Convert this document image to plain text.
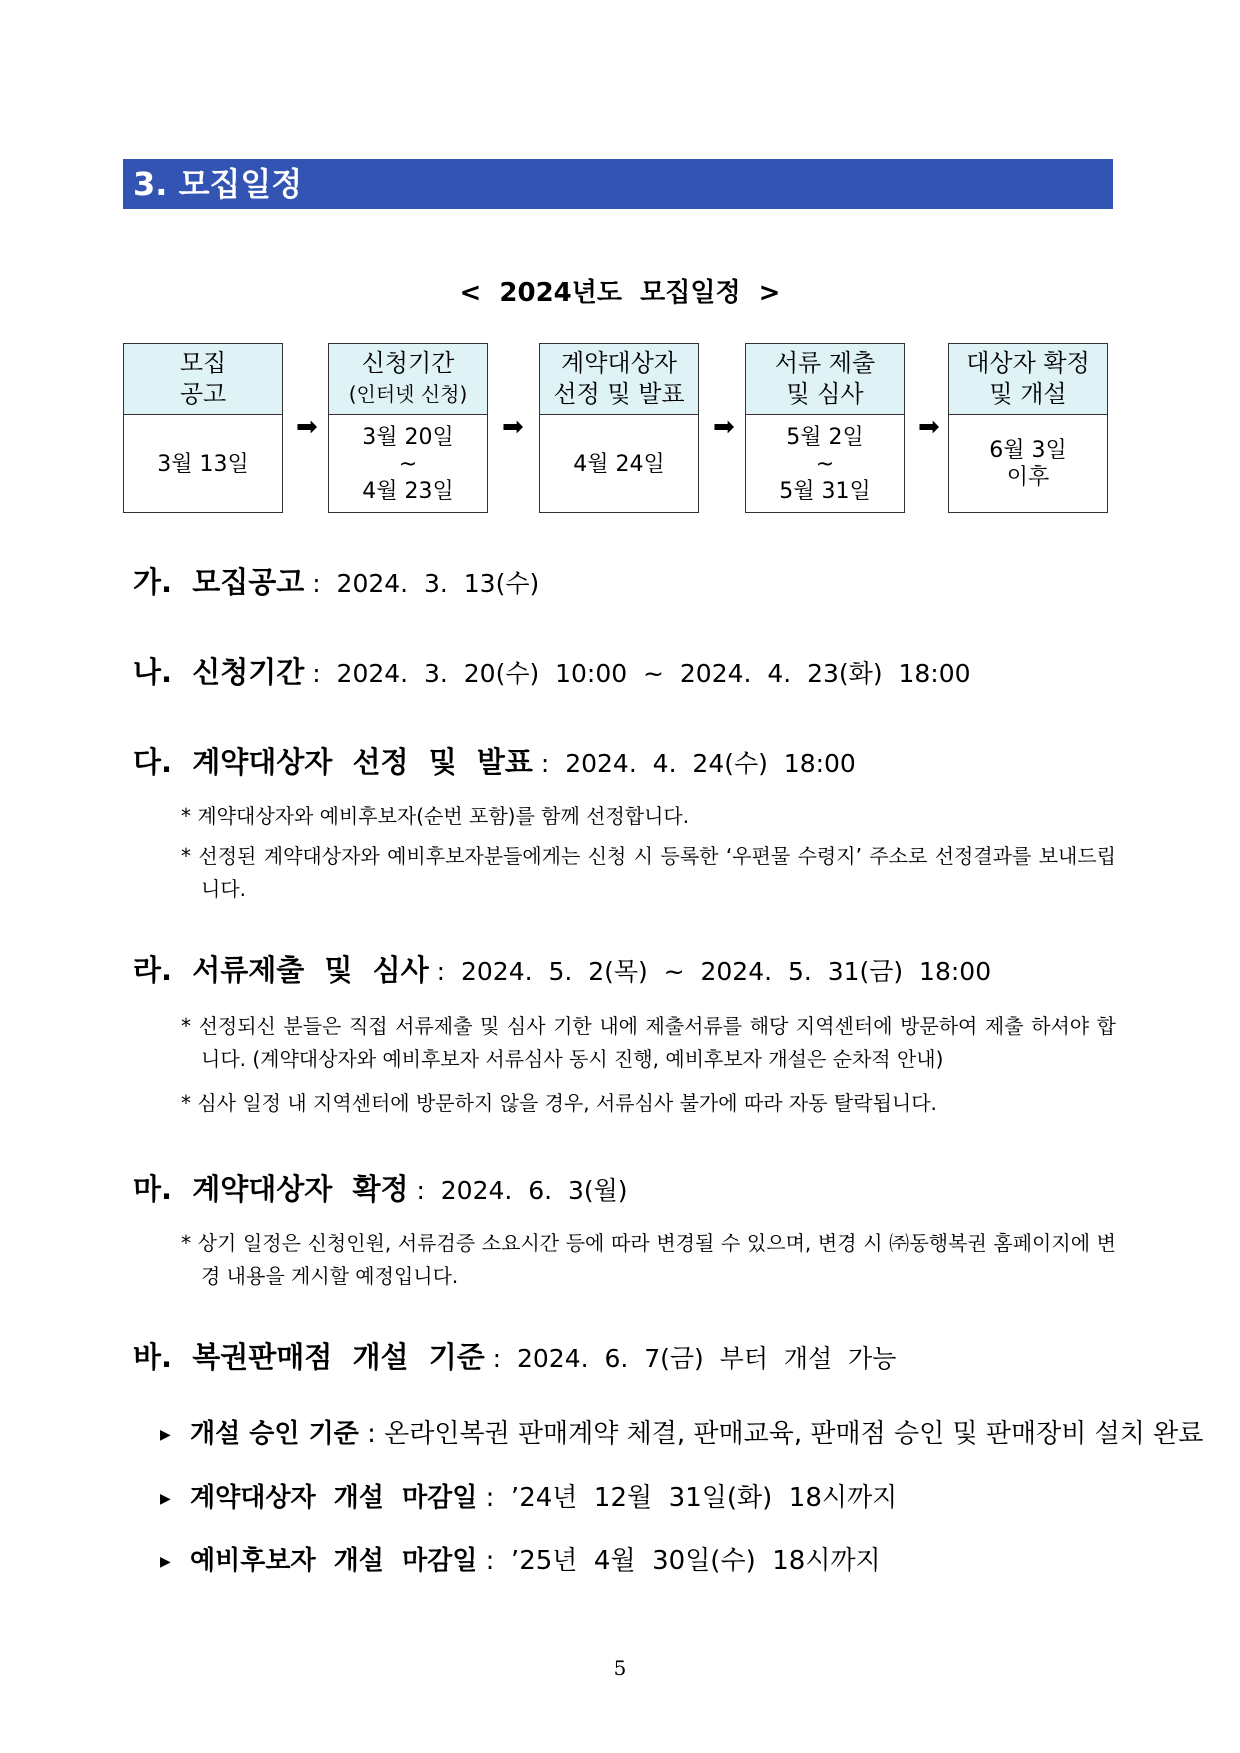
3. 모집일정
<  2024년도  모집일정  >
모집
공고
3월 13일
➡
신청기간
(인터넷 신청)
3월 20일
~
4월 23일
➡
계약대상자
선정 및 발표
4월 24일
➡
서류 제출
및 심사
5월 2일
~
5월 31일
➡
대상자 확정
및 개설
6월 3일
이후
가.  모집공고 :  2024.  3.  13(수)
나.  신청기간 :  2024.  3.  20(수)  10:00  ~  2024.  4.  23(화)  18:00
다.  계약대상자  선정  및  발표 :  2024.  4.  24(수)  18:00
* 계약대상자와 예비후보자(순번 포함)를 함께 선정합니다.
* 선정된 계약대상자와 예비후보자분들에게는 신청 시 등록한 ‘우편물 수령지’ 주소로 선정결과를 보내드립니다.
라.  서류제출  및  심사 :  2024.  5.  2(목)  ~  2024.  5.  31(금)  18:00
* 선정되신 분들은 직접 서류제출 및 심사 기한 내에 제출서류를 해당 지역센터에 방문하여 제출 하셔야 합니다. (계약대상자와 예비후보자 서류심사 동시 진행, 예비후보자 개설은 순차적 안내)
* 심사 일정 내 지역센터에 방문하지 않을 경우, 서류심사 불가에 따라 자동 탈락됩니다.
마.  계약대상자  확정 :  2024.  6.  3(월)
* 상기 일정은 신청인원, 서류검증 소요시간 등에 따라 변경될 수 있으며, 변경 시 ㈜동행복권 홈페이지에 변경 내용을 게시할 예정입니다.
바.  복권판매점  개설  기준 :  2024.  6.  7(금)  부터  개설  가능
▶ 개설 승인 기준 : 온라인복권 판매계약 체결, 판매교육, 판매점 승인 및 판매장비 설치 완료
▶ 계약대상자  개설  마감일 :  ’24년  12월  31일(화)  18시까지
▶ 예비후보자  개설  마감일 :  ’25년  4월  30일(수)  18시까지
5
